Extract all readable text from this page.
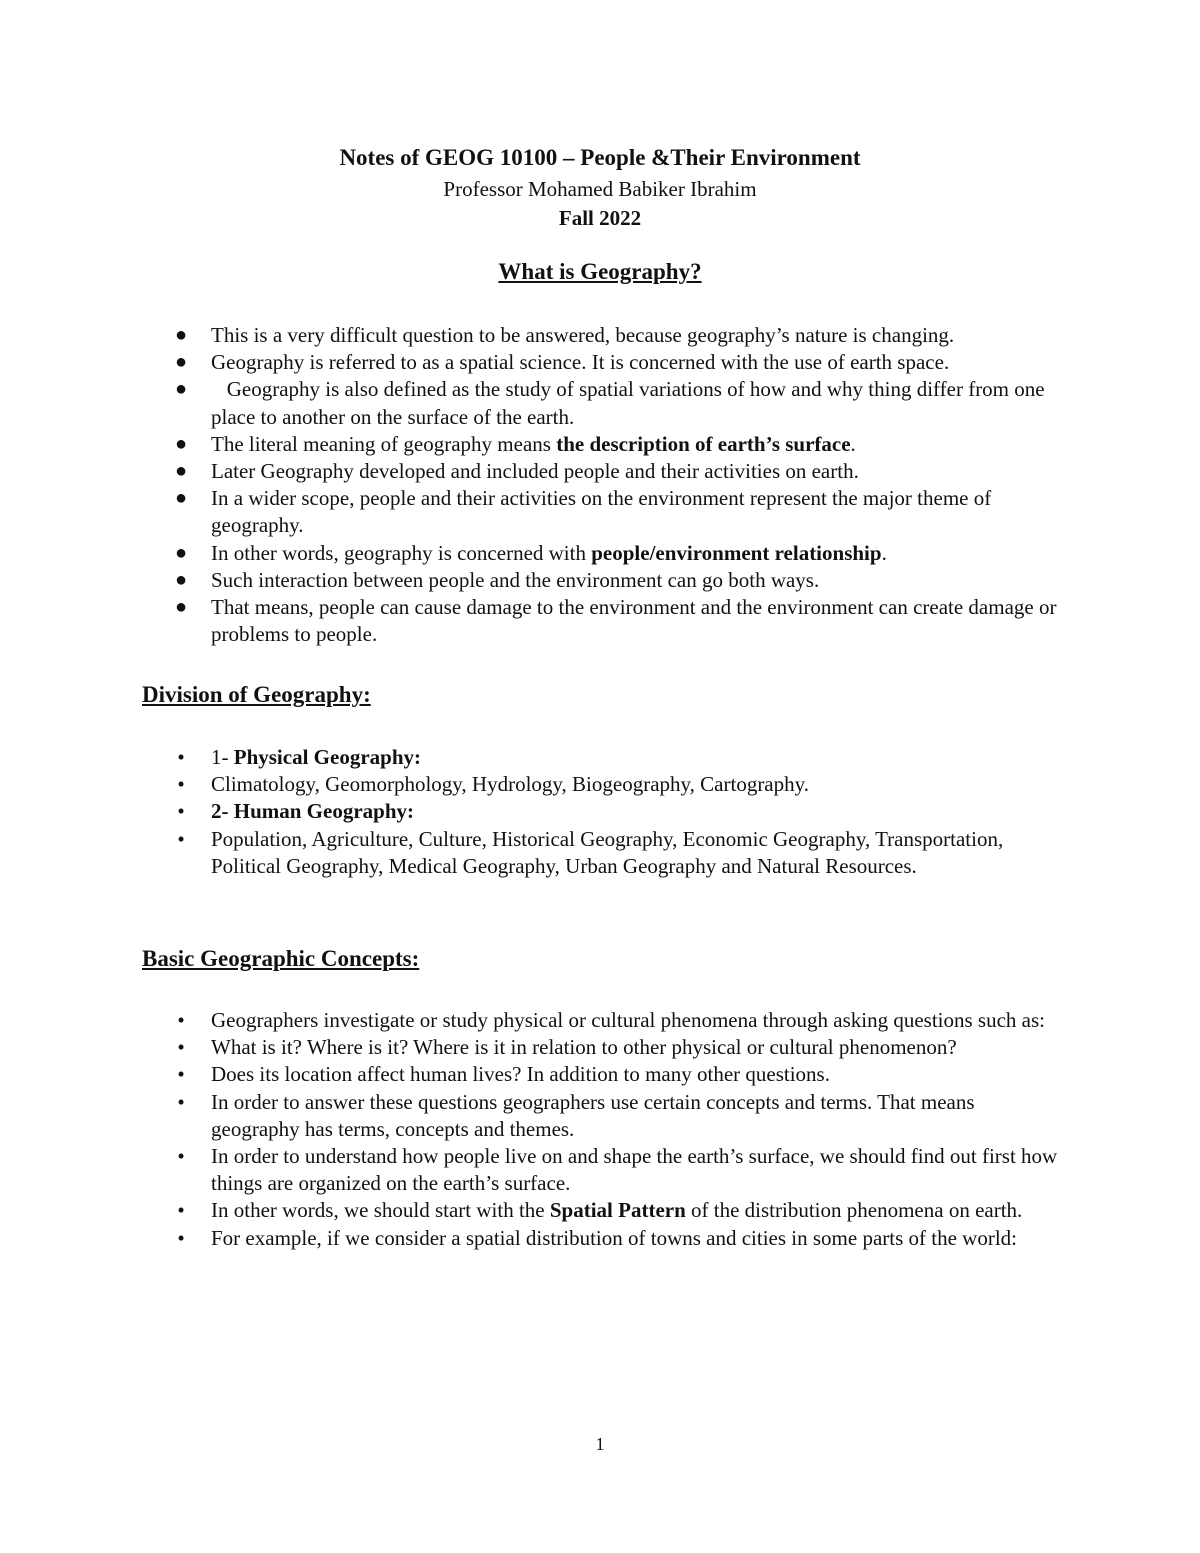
Notes of GEOG 10100 – People &Their Environment

Professor Mohamed Babiker Ibrahim

Fall 2022

What is Geography?
● This is a very difficult question to be answered, because geography’s nature is changing.
● Geography is referred to as a spatial science. It is concerned with the use of earth space.
● Geography is also defined as the study of spatial variations of how and why thing differ from one place to another on the surface of the earth.
● The literal meaning of geography means the description of earth’s surface.
● Later Geography developed and included people and their activities on earth.
● In a wider scope, people and their activities on the environment represent the major theme of geography.
● In other words, geography is concerned with people/environment relationship.
● Such interaction between people and the environment can go both ways.
● That means, people can cause damage to the environment and the environment can create damage or problems to people.
Division of Geography:
• 1- Physical Geography:
• Climatology, Geomorphology, Hydrology, Biogeography, Cartography.
• 2- Human Geography:
• Population, Agriculture, Culture, Historical Geography, Economic Geography, Transportation, Political Geography, Medical Geography, Urban Geography and Natural Resources.
Basic Geographic Concepts:
• Geographers investigate or study physical or cultural phenomena through asking questions such as:
• What is it? Where is it? Where is it in relation to other physical or cultural phenomenon?
• Does its location affect human lives? In addition to many other questions.
• In order to answer these questions geographers use certain concepts and terms. That means geography has terms, concepts and themes.
• In order to understand how people live on and shape the earth’s surface, we should find out first how things are organized on the earth’s surface.
• In other words, we should start with the Spatial Pattern of the distribution phenomena on earth.
• For example, if we consider a spatial distribution of towns and cities in some parts of the world:
1
